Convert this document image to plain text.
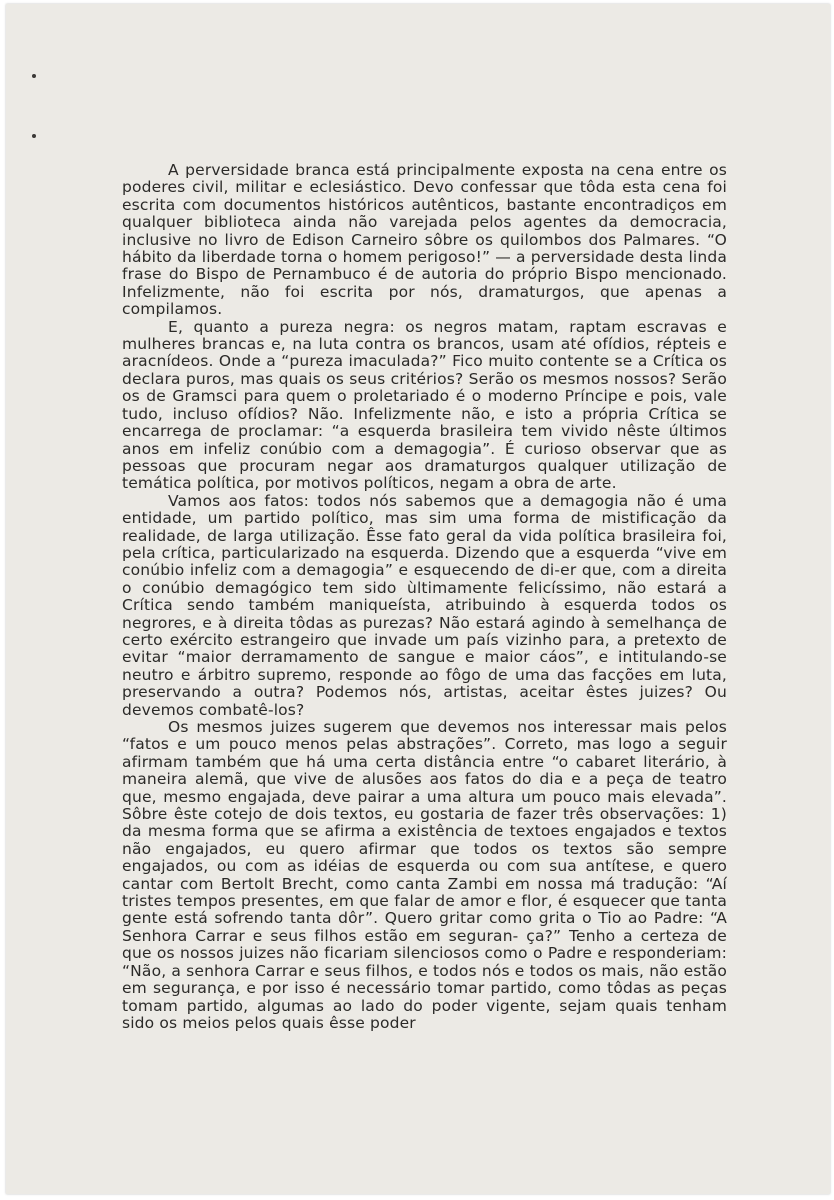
A perversidade branca está principalmente exposta na cena entre os poderes civil, militar e eclesiástico. Devo confessar que tôda esta cena foi escrita com documentos históricos autênticos, bastante encontradiços em qualquer biblioteca ainda não varejada pelos agentes da democracia, inclusive no livro de Edison Carneiro sôbre os quilombos dos Palmares. “O hábito da liberdade torna o homem perigoso!” — a perversidade desta linda frase do Bispo de Pernambuco é de autoria do próprio Bispo mencionado. Infelizmente, não foi escrita por nós, dramaturgos, que apenas a compilamos.

E, quanto a pureza negra: os negros matam, raptam escravas e mulheres brancas e, na luta contra os brancos, usam até ofídios, répteis e aracnídeos. Onde a “pureza imaculada?” Fico muito contente se a Crítica os declara puros, mas quais os seus critérios? Serão os mesmos nossos? Serão os de Gramsci para quem o proletariado é o moderno Príncipe e pois, vale tudo, incluso ofídios? Não. Infelizmente não, e isto a própria Crítica se encarrega de proclamar: “a esquerda brasileira tem vivido nêste últimos anos em infeliz conúbio com a demagogia”. É curioso observar que as pessoas que procuram negar aos dramaturgos qualquer utilização de temática política, por motivos políticos, negam a obra de arte.

Vamos aos fatos: todos nós sabemos que a demagogia não é uma entidade, um partido político, mas sim uma forma de mistificação da realidade, de larga utilização. Êsse fato geral da vida política brasileira foi, pela crítica, particularizado na esquerda. Dizendo que a esquerda “vive em conúbio infeliz com a demagogia” e esquecendo de di-er que, com a direita o conúbio demagógico tem sido ùltimamente felicíssimo, não estará a Crítica sendo também maniqueísta, atribuindo à esquerda todos os negrores, e à direita tôdas as purezas? Não estará agindo à semelhança de certo exército estrangeiro que invade um país vizinho para, a pretexto de evitar “maior derramamento de sangue e maior cáos”, e intitulando-se neutro e árbitro supremo, responde ao fôgo de uma das facções em luta, preservando a outra? Podemos nós, artistas, aceitar êstes juizes? Ou devemos combatê-los?

Os mesmos juizes sugerem que devemos nos interessar mais pelos “fatos e um pouco menos pelas abstrações”. Correto, mas logo a seguir afirmam também que há uma certa distância entre “o cabaret literário, à maneira alemã, que vive de alusões aos fatos do dia e a peça de teatro que, mesmo engajada, deve pairar a uma altura um pouco mais elevada”. Sôbre êste cotejo de dois textos, eu gostaria de fazer três observações: 1) da mesma forma que se afirma a existência de textoes engajados e textos não engajados, eu quero afirmar que todos os textos são sempre engajados, ou com as idéias de esquerda ou com sua antítese, e quero cantar com Bertolt Brecht, como canta Zambi em nossa má tradução: “Aí tristes tempos presentes, em que falar de amor e flor, é esquecer que tanta gente está sofrendo tanta dôr”. Quero gritar como grita o Tio ao Padre: “A Senhora Carrar e seus filhos estão em seguran- ça?” Tenho a certeza de que os nossos juizes não ficariam silenciosos como o Padre e responderiam: “Não, a senhora Carrar e seus filhos, e todos nós e todos os mais, não estão em segurança, e por isso é necessário tomar partido, como tôdas as peças tomam partido, algumas ao lado do poder vigente, sejam quais tenham sido os meios pelos quais êsse poder
